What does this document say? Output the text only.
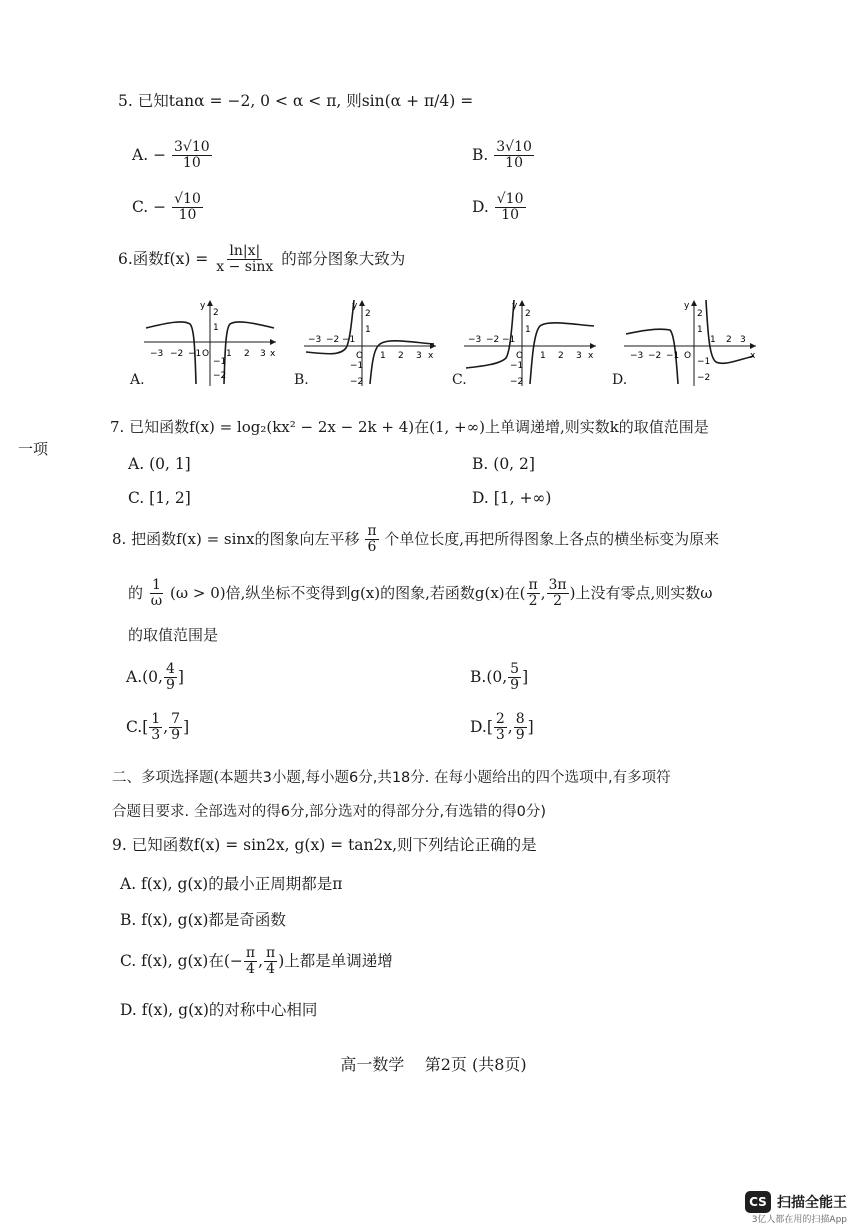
5. 已知tanα = −2, 0 < α < π, 则sin(α + π/4) =
A. − $\frac{3√10}{10}$	B. $\frac{3√10}{10}$
C. − $\frac{√10}{10}$	D. $\frac{√10}{10}$
6.函数$f(x) = \frac{\ln|x|}{x - \sin x}$ 的部分图象大致为
−3 −2 −1 O 1 2 3 x
y
2
1
−1
−2
A.
−3 −2 −1
O 1 2 3 x
y
2
1
−1
−2
B.
−3 −2 −1
O 1 2 3 x
y
2
1
−1
−2
C.
−3 −2 −1 O
1 2 3
x
y
2
1
−1
−2
D.
一项
7. 已知函数f(x) = log₂(kx² − 2x − 2k + 4)在(1, +∞)上单调递增,则实数k的取值范围是
A. (0, 1]	B. (0, 2]
C. [1, 2]	D. [1, +∞)
8. 把函数f(x) = sinx的图象向左平移 $\frac{\pi}{6}$ 个单位长度,再把所得图象上各点的横坐标变为原来
的 $\frac{1}{\omega} (\omega > 0)$倍,纵坐标不变得到g(x)的图象,若函数g(x)在( $\frac{\pi}{2}$ , $\frac{3\pi}{2}$ )上没有零点,则实数ω
的取值范围是
A.(0, $\frac{4}{9}$ ]	B.(0, $\frac{5}{9}$ ]
$C.[ \frac{1}{3}$ , $\frac{7}{9}$ ]	$D.[ \frac{2}{3}$ , $\frac{8}{9}$ ]
二、多项选择题(本题共3小题,每小题6分,共18分. 在每小题给出的四个选项中,有多项符
合题目要求. 全部选对的得6分,部分选对的得部分分,有选错的得0分)
9. 已知函数f(x) = sin2x, g(x) = tan2x,则下列结论正确的是
A. f(x), g(x)的最小正周期都是π
B. f(x), g(x)都是奇函数
C. f(x), g(x)在(− $\frac{\pi}{4}$ , $\frac{\pi}{4}$ )上都是单调递增
D. f(x), g(x)的对称中心相同
高一数学    第2页 (共8页)
CS 扫描全能王
3亿人都在用的扫描App
